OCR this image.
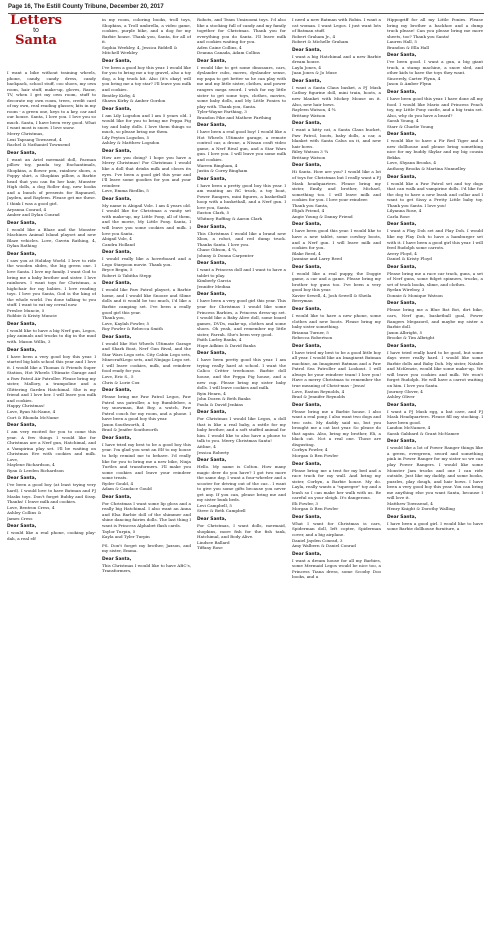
Page 16, The Estill County Tribune, December 20, 2017
Letters
to
Santa

I want a bike without training wheels, phone, candy, candy dress, candy backpack, school stuff, coo shoes, my own room, hair stuff, make-up, gloves, Razor, TV, when I get my own room, stuff to decorate my own room, trees, credit card of my own, real reading glasses; kits in my room - a green one, keys to a key, car and our house. Santa, I love you. I love you so much. Santa, I have been very good. What I want most is snow. I love snow.

Merry Christmas,
Lexi Tapsang Townsend, 4
Rachel & Nathaniel Townsend

Dear Santa,

I want an Ariel mermaid doll, Pacman pillow toy, panda toy, Enchantimals, Shopkins, a flower pen, rainbow shoes, a Poppy shirt, a Shopkins pillow, a Barbie head that you can fix her hair, Munster High dolls, a dog Roller dog, new books and a bunch of presents for Rapunzel, Jayden, and Rayleen. Please get me these. I think I was a good girl.

Aryanna Conrad, 4
Amber and Dylan Conrad

Dear Santa,

I would like a Blaze and the Monster Machines Animal Island playset and new Blaze vehicles. Love, Gavrin Rathing, 4, Dylan Rathing

Dear Santa,

I saw you at Holiday World. I love to ride the wooden slides, the big green one. I love Santa. I love my family. I want God to bring me a baby brother and sister. I love rainbows. I want toys for Christmas, a highchair for my babies. I love reading toys. I love you Santa, God is the king of the whole world. I'm done talking to you stuff. I want to eat my cereal now.

Preslee Muncie, 5
Robbie & Kristy Muncie

Dear Santa,

I would like to have a big Nerf gun, Legos, play animals and trucks to dig in the mud with. Mason Willis, 3

Dear Santa,

I have been a very good boy this year. I started big kids school this year and I love it. I would like a Thomas & Friends Super Station, Hot Wheels Ultimate Garage and a Paw Patrol Air Patroller. Please bring my sister, Mallory, a trampoline and a Glittering Garden Hatchimal. She is my friend and I love her. I will leave you milk and cookies.

Happy Christmas!
Love, Ryan McName, 4
Curt & Rhonda McName

Dear Santa,

I am very excited for you to come this year. A few things I would like for Christmas are a Nerf gun, Hatchimal, and a Vampirina play set. I'll be waiting on Christmas Eve with cookies and milk. Love,

Maylene Richardson, 4
Ryan & Leeden Richardson

Dear Santa,

I've been a good boy (at least trying very hard). I would love to have Batman and PJ Masks toys. Don't forget Bubby and Sissy. Thanks! I leave milk and cookies.

Love, Bentron Cress, 4
Ashley Collins &
James Cress

Dear Santa,

I would like a real phone, cooking play-dah, a real elf

in my room, coloring books, troll toys, Shopkins, a Troll umbrella, a video game, cookies, purple bike, and a dog for my Barbie house. Thank you, Santa, for all of it.

Sophia Weekley, 4, Jessica Riddell & Mitchell Weekley

Dear Santa,

I've been a good boy this year. I would like for you to bring me a toy gravel, also a toy dog, a big truck kit. Also (it's okay) will you bring me a toy star? I'll leave you milk and cookies.

Bentley Kirby, 4
Shawn Kirby & Amber Gordon

Dear Santa,

I am Lily Logsdon and I am 5 years old. I would like for you to bring me Peppa Pig toy and baby dolls. I love them things so much, so please bring me them.

Lily Peyton Logsdon, 5
Ashley & Matthew Logsdon

Dear Santa,

How are you doing? I hope you have a Merry Christmas! For Christmas I would like a doll that drinks milk and closes its eyes. I've been a good girl this year and I'll leave some goodies for you and your reindeer.

Love, Emma Riedlin, 5

Dear Santa,

My name is Abigail Vole. I am 4 years old. I would like for Christmas a vanity set with make-up, my Little Pony, all of them, and the movie, My Little Pony. Santa, I will leave you some cookies and milk. I love you Santa.

Abigail Vole, 4
Candra Holland

Dear Santa,

I would really like a hoverboard and a Lego Starpoon movie. Thank you.

Bryce Begin, 5
Robert & Tabitha Stepp

Dear Santa,

I would like Paw Patrol playset, a Barbie home, and I would like Snooze and Slime dolls and it would be too much, I'd like a Barbie camping set. I've been a really good girl this year.

Thank you,
Love, Kaylah Fowler, 5
Roy Fowler & Rebecca Smith

Dear Santa,

I would like Hot Wheels Ultimate Garage and Shark Boat, Nerf Gun Rival, and the Star Wars Lego sets. City Cabin Lego sets, MinecraftLego sets, and Ninjago Lego set. I will leave cookies, milk, and reindeer food ready for you.

Love, Eric S., 5
Chris & Lorie Cox

Dear Santa,

Please bring me Paw Patrol Legos, Paw Patrol sea patroller, a toy Bumblebee, a toy snowman, Bat Boy, a watch, Paw Patrol couch for my room, and a phone. I have been a good boy this year.

Jaxon Southworth, 4
Brad & Jenifer Southworth

Dear Santa,

I have tried my best to be a good boy this year. I'm glad you sent an Elf to my house to help remind me to behave. I'd really like for you to bring me a new bike, Ninja Turtles and transformers. I'll make you some cookies and leave your reindeer some treats.

Ryder Gould, 4
Adam & Candace Gould

Dear Santa,

For Christmas I want some lip gloss and a really big Hatchimal. I also want an Anna and Elsa Barbie doll of the shimmer and shine dancing fairies dolls. The last thing I want is Princess Alphabet flash cards.

Taylor Turpin, 5
Kayla and Tyler Turpin

PS. Don't forget my brother, Jaxson, and my sister, Emma.

Dear Santa,

This Christmas I would like to have ABC's, Transformers,

Robots, and Team Umizoomi toys. I'd also like a stocking full of candy and my family together for Christmas. Thank you for everything you do Santa. I'll leave milk and cookies waiting for you.

Aden Caine Collins, 4
Deanna Canada, Adam Collins

Dear Santa,

I would like to get some dinosaurs, cars, dyslander cubs, moves, dyslander sense, my papa to get better so he can play with me and my little sister, clothes, and power rangers mega sword. I wish for my little sister to get some toys, clothes, movies, some baby dolls, and My Little Ponies to play with. Thank you, Santa.

Tyler-Wayne Farthing, 3
Brandon Pike and Mathew Farthing

Dear Santa,

I have been a real good boy! I would like a Hot Wheels Ultimate garage, a remote control car, a drone, a Nissan craft video game, a Nerf Rival gun, and a Star Wars gun. I love you. I will leave you some milk and cookies.

Warren Bingham, 4
Justin & Corey Bingham

Dear Santa,

I have been a pretty good boy this year. I am wanting an RC truck, a toy boat, Power Rangers, mini figures, a basketball hoop with a basketball, and a Nerf gun. I love you, Santa.

Easton Clark, 5
Whitney Ruffing & Aaron Clark

Dear Santa,

This Christmas I would like a brand new Xbox, a robot, and red dump truck. Thanks Santa. I love you.

Chase Gibson, 4 ¾,
Johnny & Donna Carpenter

Dear Santa,

I want a Princess doll and I want to have a tablet to play.

Kimberly Garcia
Jennifer Medina

Dear Santa,

I have been a very good girl this year. This year for Christmas I would like some Princess Barbies, a Princess dress-up set. I would like a Baby Alive doll, some board games, DVDs, make-up, clothes and some shoes. Oh yeah, and remember my little sister, Farrah. She's been very good.

Faith Lurley Banks, 4
Hope Adkins & David Banks

Dear Santa,

I have been pretty good this year. I am trying really hard at school. I want the Calico Critter treehouse. Barbie doll house, and the Peppa Pig house, and a new cup. Please bring my sister baby dolls. I will leave cookies and milk.

Ryin Hearn, 4
John Dozen & Beth Banks
Paula & David Jenkins

Dear Santa,

For Christmas I would like Legos, a doll that is like a real baby, a rattle for my baby brother, and a soft stuffed animal for him. I would like to also have a phone to talk to you. Merry Christmas Santa!

Aitline, 4
Jessica Roberty

Dear Santa,

Hello. My name is Colton. How many magic deer do you have? I got two more the same day, I want a four-wheeler and a scooter for driving out of the car... I want to give you some gifts because you never get any. If you can, please bring me and my sister bunk beds.

Levi Campbell, 5
Steve & Beth Campbell

Dear Santa,

For Christmas, I want dolls, mermaid, shopkins, more fish for the fish tank, Hatchimal, and Body Alive.

Lindsee Ballard
Tiffany Rose

I need a new Batman with Robin. I want a cat woman. I want Legos. I just want lots of Batman stuff.

Robert Graham Jr., 4
Robert & Michelle Graham

Dear Santa,

I want a big Hatchimal and a new Barbie dream house.

Layla Jones, 4
Juan Jones & Jo Muse

Dear Santa,

I want a Santa Claus basket, a PJ Mask Catboy figurine doll, mini train, boots, a new blanket with Mickey Mouse on it. Also, new hair bows.

Rayleen Watson, 4 ¾
Brittany Watson

Dear Santa,

I want a kitty cat, a Santa Claus bucket, Paw Patrol, boots, baby dolls, a car, a blanket with Santa Calus on it, and new hair bows.

Riley Watson 3 ¾
Brittany Watson

Dear Santa,

Hi Santa. How are you? I would like a lot of toys for Christmas but I really want a PJ Mask headquarters. Please bring my sister, Emily, and brother, Michael, something too. I will leave milk and cookies for you. I love your reindeer.

Thank you Santa,
Elijah Friend, 4
Angie Young & Danny Friend

Dear Santa,

I have been good this year. I would like to have a new tablet, some cowboy boots, and a Nerf gun. I will leave milk and cookies for you.

Blake Reed, 4
Jasmine and Larry Reed

Dear Santa,

I would like a real puppy, the Doggie game, a car and a game. Please bring my brother toy guns too. I've been a very good boy this year.

Xavier Sewell, 4, Josh Sewell & Sheila Berryman

Dear Santa,

I would like to have a new phone, some clothes and new boots. Please bring my baby sister something.

Brianna Turner, 5
Rebecca Robertson

Dear Santa,

I have tried my best to be a good little boy all year. I would like an Imaginext Batman machine, an Imaginext Batman and a Paw Patrol Sea Patroller and Lookout. I will always be your reindeer team! I love you! Have a merry Christmas to remember the true meaning of Christ-mas - Jesus!

Love, Easton Reynolds, 4
Brad & Jennifer Reynolds

Dear Santa,

Please bring me a Barbie house. I also want a real pony, I also want two dogs and two cats. My daddy said no, but you brought me a cat last year. So please do that again. Also, bring my brother, Eli, a black cat. Not a real one. Those are disgusting.

Corbyn Fowler, 4
Morgan & Ben Fowler

Dear Santa,

Please bring me a tent for my bed and a race track for my wall. And bring my sister, Corbyn, a Barbie house. My do. Layla, really wants a "squeegee" toy and a leash so I can make her walk with us. Be careful on your sleigh. It's dangerous.

Eli Fowler, 3
Morgan & Ben Fowler

Dear Santa,

What I want for Christmas is cars, Spiderman doll, left copter, Spiderman cover, and a big airplane.

Daniel Jayden Conrad, 3
Amy Walbern & Daniel Conrad

Dear Santa,

I want a dream house for all my Barbies, some Mermaid Legos would be nice too, a Princess Tiana dress, some Scooby Doo books, and a

Hippogriff for all my Little Ponies. Please bring my brother a backhoe and a dump truck please! Can you please bring me more sheets, too? Thank you Santa!

Lauren Hall, 5
Brandon & Ella Hall

Dear Santa,

I've been good. I want a gun, a big giant truck, a stamp machine, a snow sled, and other kids to have the toys they want.

Sincerely, Carter Flynn, 4
Jason & Amber Flynn

Dear Santa,

I have been good this year. I have done all my food. I would like Mario and Princess Peach toy, my Little Pony castle, and a big train set. Also, why do you have a beard?

Sarah Young, 4
Starr & Charlie Young

Dear Santa,

I would like to have a Fir Red Tiger and a new dollhouse and please bring something nice for my buddy Skylar and my big cousin Bekka.

Love, Shyann Brooks, 4
Anthony Brooks & Martina Nunnelley

Dear Santa,

I would like a Paw Patrol set and toy dogs that can walk and vampirine dolls. I'd like for the dog to have a new leash and collar and I want to get Sissy a Pretty Little baby toy. Thank you Santa. I love you!

Lilyanna Rose, 4
Carla Rose

Dear Santa,

I want a Play Doh set and Play Doh. I would like my Play Doh to have a hamburger set with it. I have been a good girl this year. I will feed Rudolph some carrots.

Avery Floyd, 4
Daniel & Kristy Floyd

Dear Santa,

Please bring me a race car track, guns, a set of Nerf guns, some fidget spinners, trucks, a set of truck books, slime, and clothes.

Ryelan Wireboy, 3
Donnie & Monique Watson

Dear Santa,

Please bring me a Blue Bat Bot, dirt bike, cars, Nerf gun, basketball goal, Power Rangers Megazord, and maybe my sister a Barbie doll.

Jaxon Albright, 5
Brooke & Tim Albright

Dear Santa,

I have tried really hard to be good, but some days were really hard. I would like some Barbie dolls and Baby Doh. My sister, Natalie and McKenzie, would like some make-up. We will leave you cookies and milk. We won't forget Rudolph. He will have a carrot waiting on him. I love you Santa.

Journey Glover, 4
Ashley Oliver

Dear Santa,

I want a PJ Mask egg, a bat cave, and PJ Mask Headquarters. Please fill my stocking. I have been good.

Landon McNamee, 4
Sarah Gabbard & Grant McNamee

Dear Santa,

I would like a lot of Power Ranger things like a green, evergreen, sword and something pink in Power Ranger for my sister so we can play Power Rangers. I would like some Monster Jam trucks and one I can ride outside, Just like my daddy, and some books, puzzles, play dough, and hair bows. I have been a very good boy this year. You can bring me anything else you want Santa, because I will love it.

Matthew Townsend, 4
Henry Knight & Dorothy Walling

Dear Santa,

I have been a good girl. I would like to have some Barbie dollhouse furniture, a
